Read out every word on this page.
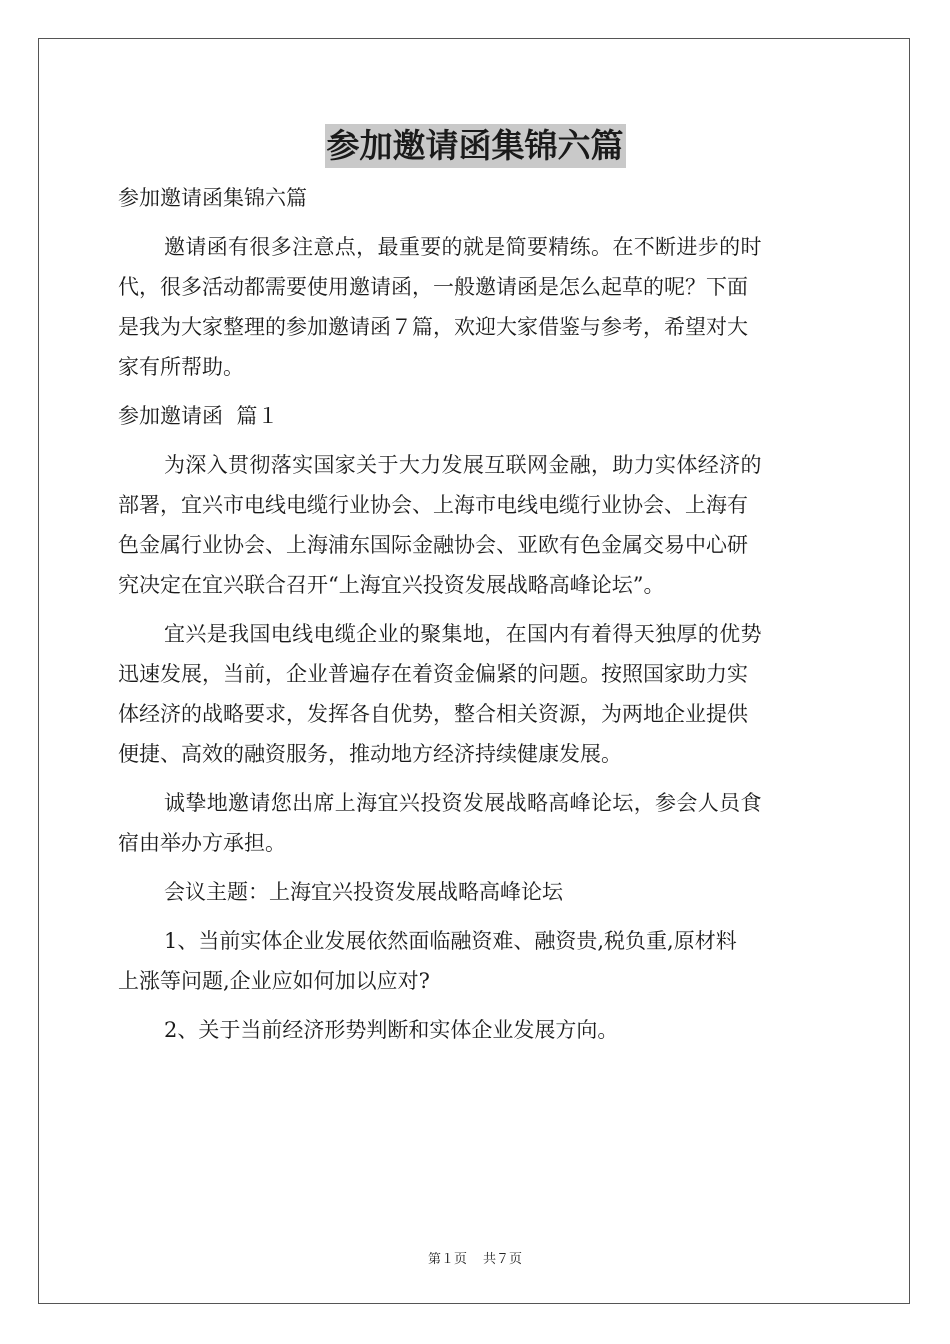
参加邀请函集锦六篇
参加邀请函集锦六篇
邀请函有很多注意点，最重要的就是简要精练。在不断进步的时
代，很多活动都需要使用邀请函，一般邀请函是怎么起草的呢？下面
是我为大家整理的参加邀请函７篇，欢迎大家借鉴与参考，希望对大
家有所帮助。
参加邀请函  篇１
为深入贯彻落实国家关于大力发展互联网金融，助力实体经济的
部署，宜兴市电线电缆行业协会、上海市电线电缆行业协会、上海有
色金属行业协会、上海浦东国际金融协会、亚欧有色金属交易中心研
究决定在宜兴联合召开“上海宜兴投资发展战略高峰论坛”。
宜兴是我国电线电缆企业的聚集地，在国内有着得天独厚的优势
迅速发展，当前，企业普遍存在着资金偏紧的问题。按照国家助力实
体经济的战略要求，发挥各自优势，整合相关资源，为两地企业提供
便捷、高效的融资服务，推动地方经济持续健康发展。
诚挚地邀请您出席上海宜兴投资发展战略高峰论坛，参会人员食
宿由举办方承担。
会议主题：上海宜兴投资发展战略高峰论坛
1、当前实体企业发展依然面临融资难、融资贵,税负重,原材料
上涨等问题,企业应如何加以应对?
2、关于当前经济形势判断和实体企业发展方向。
第１页 共７页
